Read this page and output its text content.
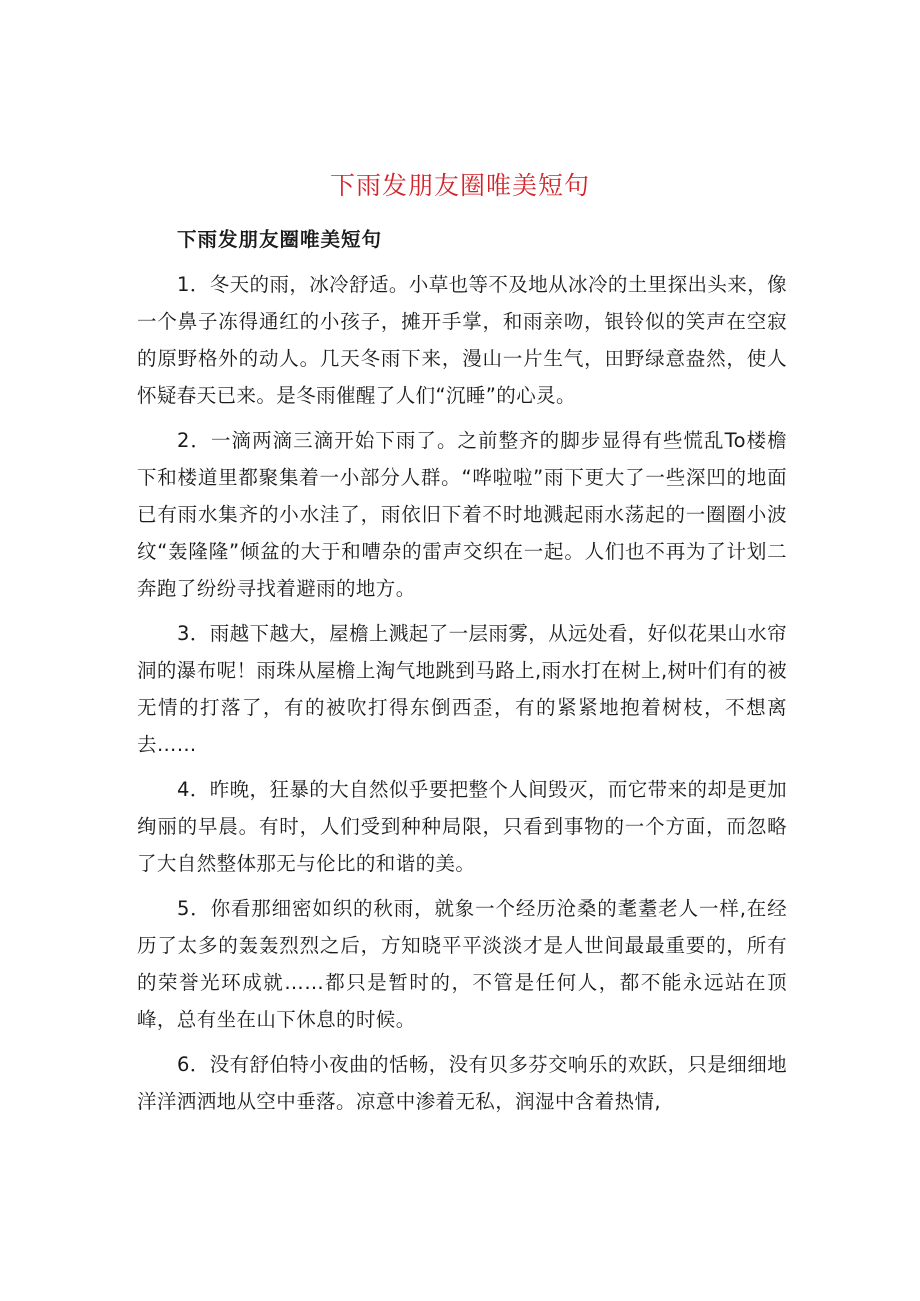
下雨发朋友圈唯美短句

下雨发朋友圈唯美短句

1．冬天的雨，冰冷舒适。小草也等不及地从冰冷的土里探出头来，像一个鼻子冻得通红的小孩子，摊开手掌，和雨亲吻，银铃似的笑声在空寂的原野格外的动人。几天冬雨下来，漫山一片生气，田野绿意盎然，使人怀疑春天已来。是冬雨催醒了人们“沉睡”的心灵。

2．一滴两滴三滴开始下雨了。之前整齐的脚步显得有些慌乱To楼檐下和楼道里都聚集着一小部分人群。“哗啦啦”雨下更大了一些深凹的地面已有雨水集齐的小水洼了，雨依旧下着不时地溅起雨水荡起的一圈圈小波纹“轰隆隆”倾盆的大于和嘈杂的雷声交织在一起。人们也不再为了计划二奔跑了纷纷寻找着避雨的地方。

3．雨越下越大，屋檐上溅起了一层雨雾，从远处看，好似花果山水帘洞的瀑布呢！雨珠从屋檐上淘气地跳到马路上,雨水打在树上,树叶们有的被无情的打落了，有的被吹打得东倒西歪，有的紧紧地抱着树枝，不想离去……

4．昨晚，狂暴的大自然似乎要把整个人间毁灭，而它带来的却是更加绚丽的早晨。有时，人们受到种种局限，只看到事物的一个方面，而忽略了大自然整体那无与伦比的和谐的美。

5．你看那细密如织的秋雨，就象一个经历沧桑的耄耋老人一样,在经历了太多的轰轰烈烈之后，方知晓平平淡淡才是人世间最最重要的，所有的荣誉光环成就……都只是暂时的，不管是任何人，都不能永远站在顶峰，总有坐在山下休息的时候。

6．没有舒伯特小夜曲的恬畅，没有贝多芬交响乐的欢跃，只是细细地洋洋洒洒地从空中垂落。凉意中渗着无私，润湿中含着热情,
